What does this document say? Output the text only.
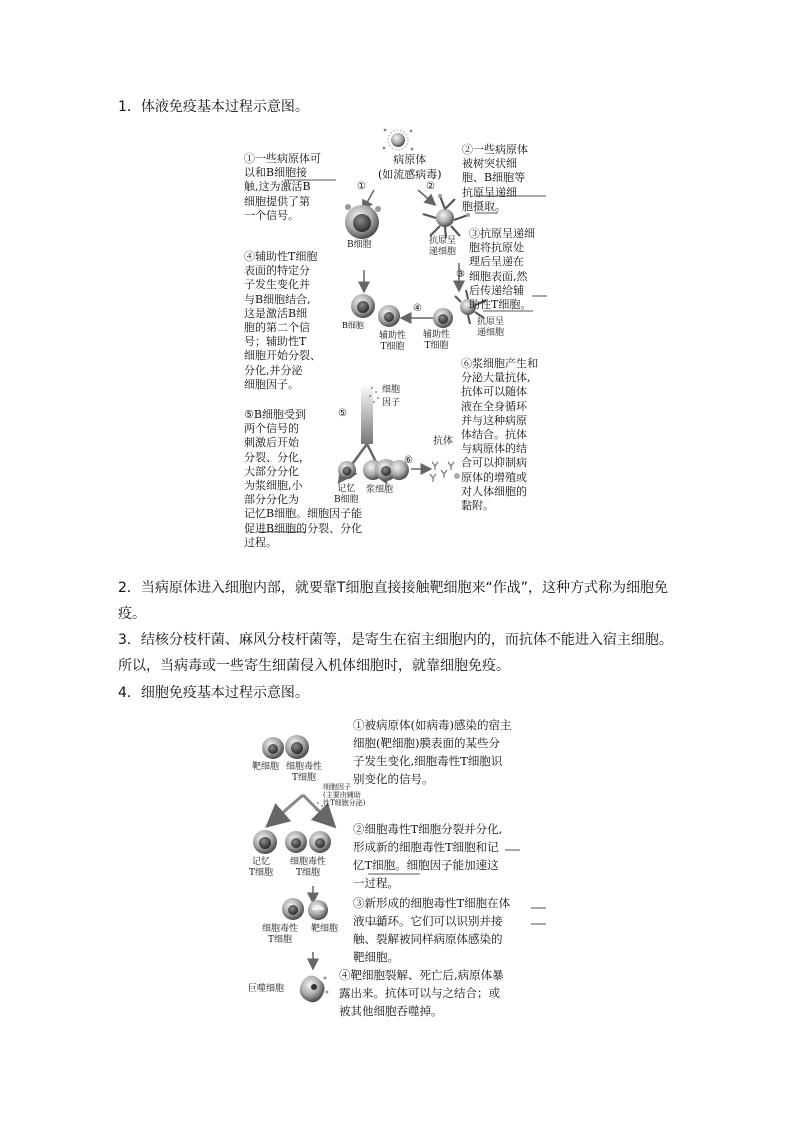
1．体液免疫基本过程示意图。

2．当病原体进入细胞内部，就要靠T细胞直接接触靶细胞来“作战”，这种方式称为细胞免疫。

3．结核分枝杆菌、麻风分枝杆菌等，是寄生在宿主细胞内的，而抗体不能进入宿主细胞。所以，当病毒或一些寄生细菌侵入机体细胞时，就靠细胞免疫。

4．细胞免疫基本过程示意图。

病原体
(如流感病毒)
①	②
③
④
⑤
⑥
①一些病原体可
以和B细胞接
触,这为激活B
细胞提供了第
一个信号。
②一些病原体
被树突状细
胞、B细胞等
抗原呈递细
胞摄取。
③抗原呈递细
胞将抗原处
理后呈递在
细胞表面,然
后传递给辅
助性T细胞。
④辅助性T细胞
表面的特定分
子发生变化并
与B细胞结合,
这是激活B细
胞的第二个信
号；辅助性T
细胞开始分裂、
分化,并分泌
细胞因子。
⑤B细胞受到
两个信号的
刺激后开始
分裂、分化，
大部分分化
为浆细胞,小
部分分化为
记忆B细胞。细胞因子能
促进B细胞的分裂、分化
过程。
⑥浆细胞产生和
分泌大量抗体,
抗体可以随体
液在全身循环
并与这种病原
体结合。抗体
与病原体的结
合可以抑制病
原体的增殖或
对人体细胞的
黏附。
B细胞	抗原呈
递细胞
B细胞
辅助性
T细胞
辅助性
T细胞
抗原呈
递细胞
细胞
因子
记忆
B细胞
浆细胞
抗体
①被病原体(如病毒)感染的宿主
细胞(靶细胞)膜表面的某些分
子发生变化,细胞毒性T细胞识
别变化的信号。
②细胞毒性T细胞分裂并分化,
形成新的细胞毒性T细胞和记
忆T细胞。细胞因子能加速这
一过程。
③新形成的细胞毒性T细胞在体
液中循环。它们可以识别并接
触、裂解被同样病原体感染的
靶细胞。
④靶细胞裂解、死亡后,病原体暴
露出来。抗体可以与之结合；或
被其他细胞吞噬掉。
靶细胞 细胞毒性
T细胞
细胞因子
(主要由辅助
性T细胞分泌)
记忆
T细胞
细胞毒性
T细胞
细胞毒性
T细胞
靶细胞
巨噬细胞
